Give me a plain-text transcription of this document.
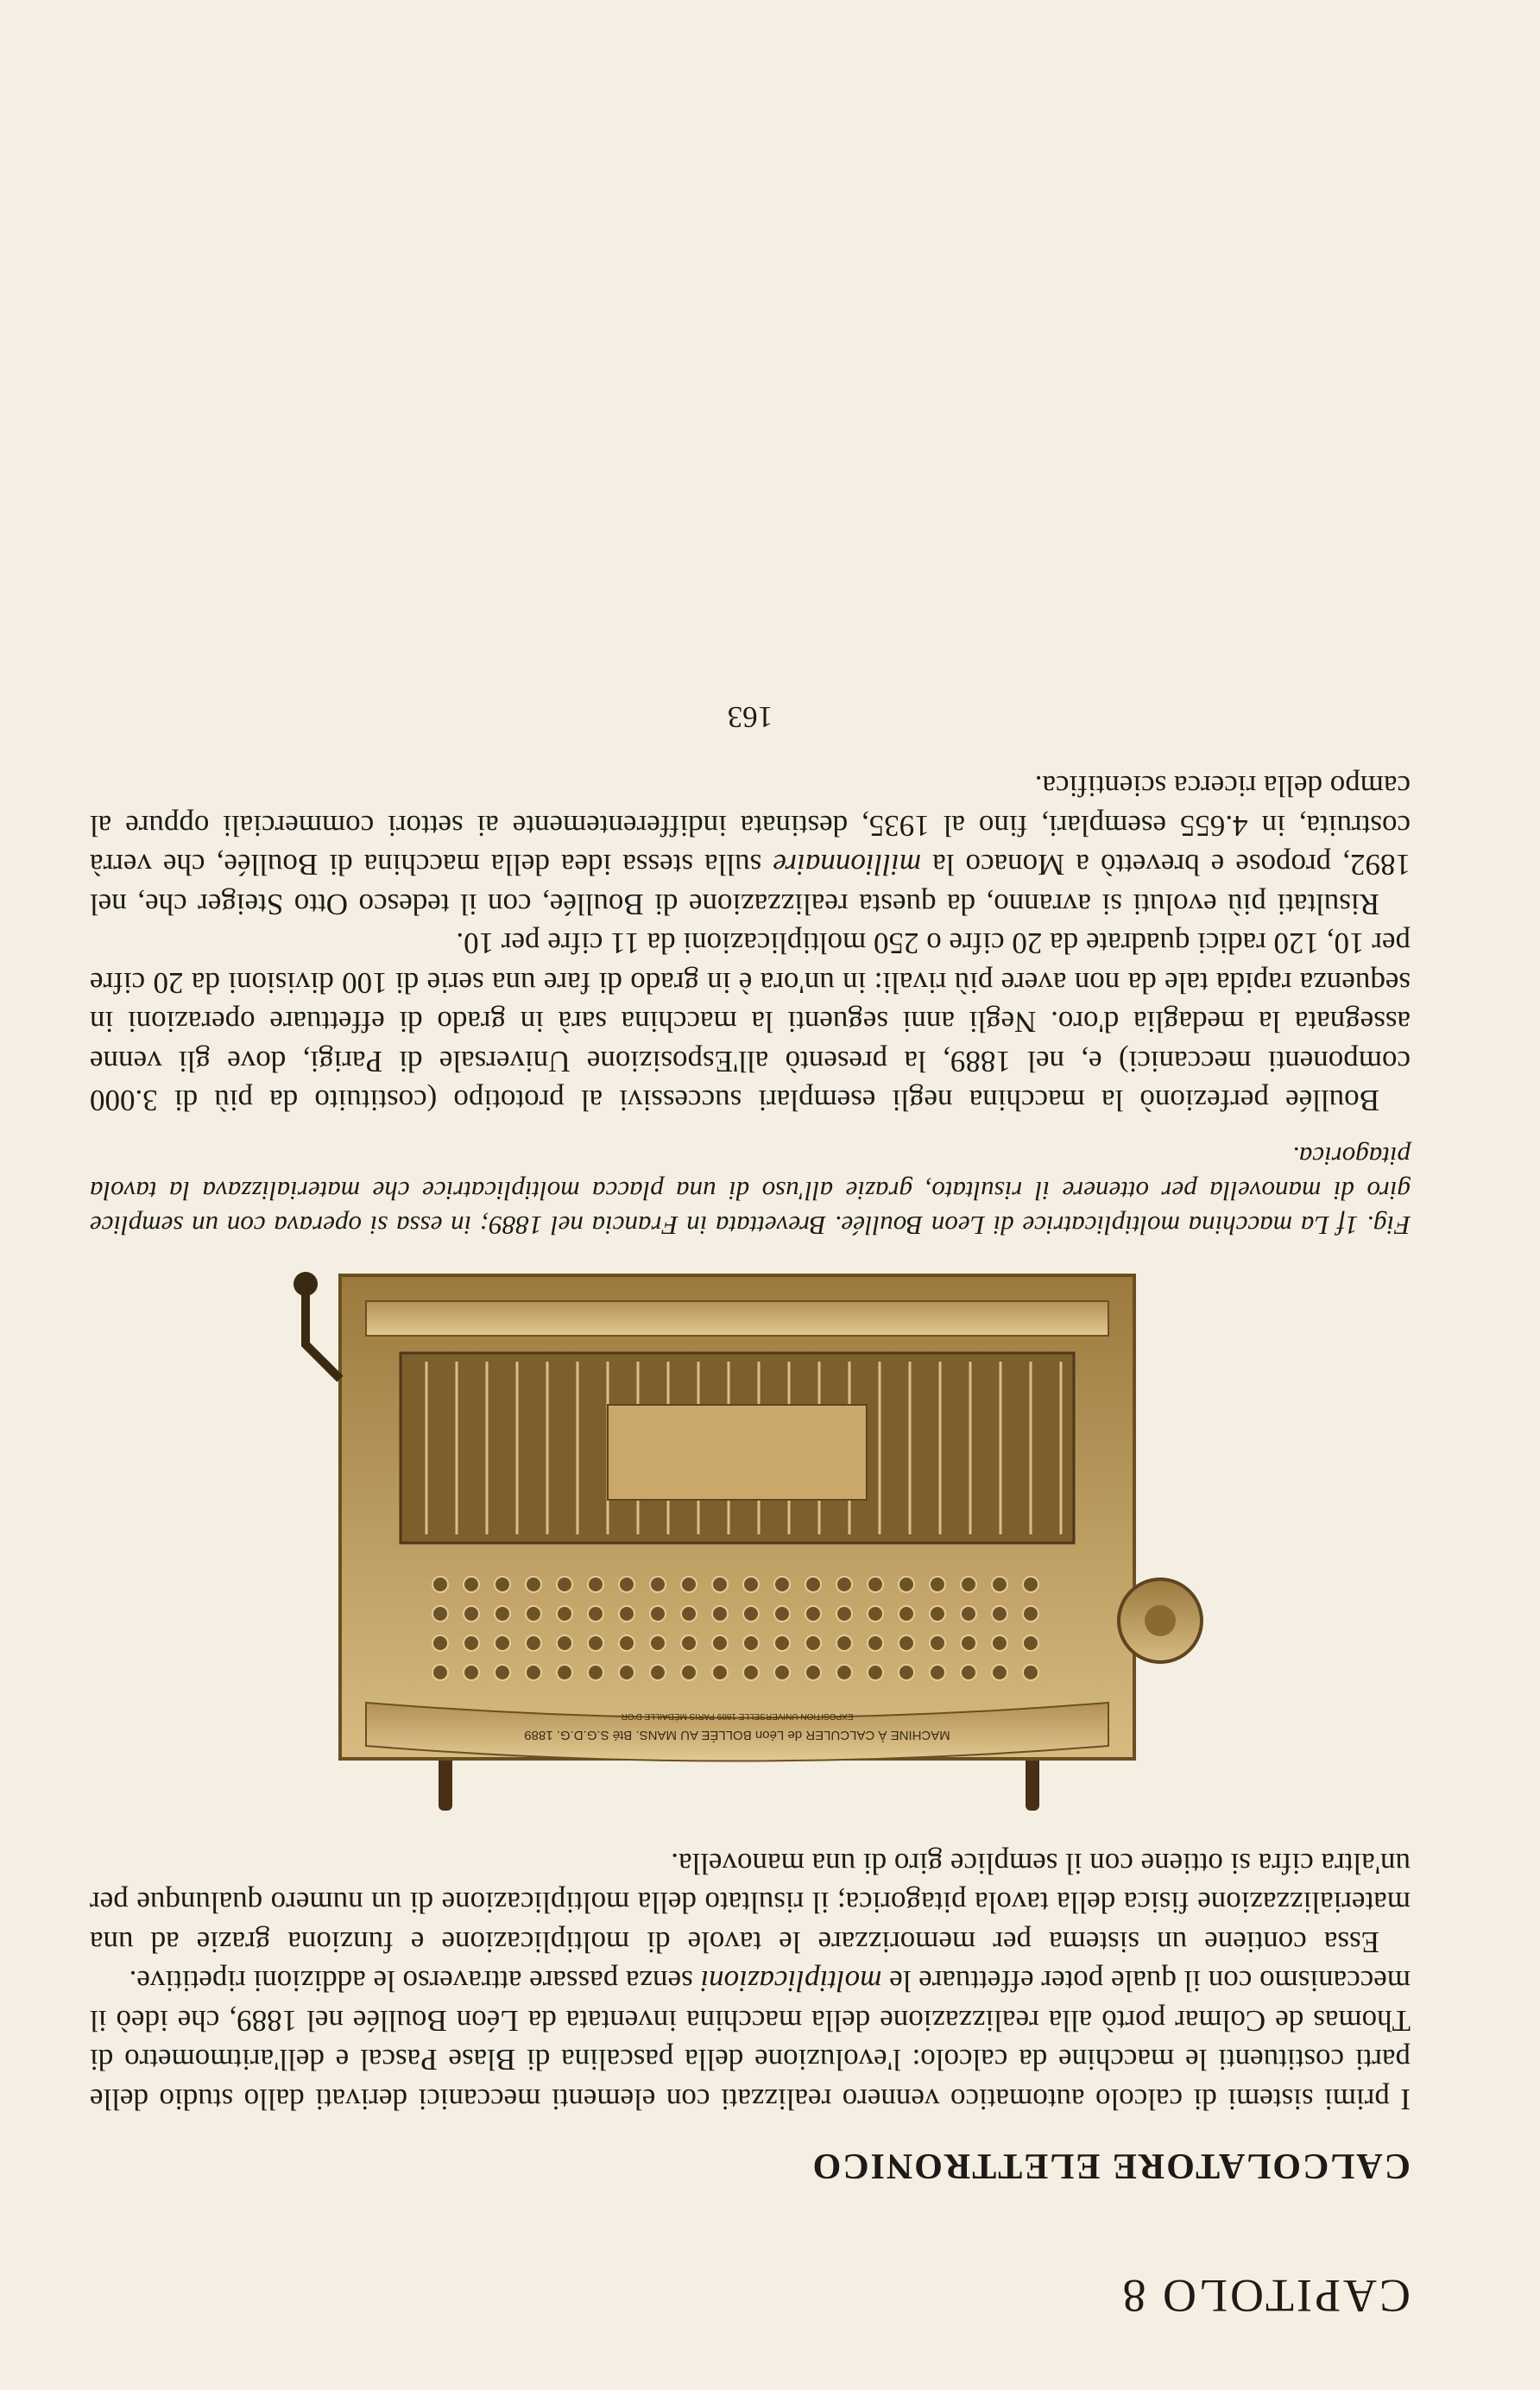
CAPITOLO 8
CALCOLATORE ELETTRONICO

I primi sistemi di calcolo automatico vennero realizzati con elementi meccanici derivati dallo studio delle parti costituenti le macchine da calcolo: l'evoluzione della pascalina di Blase Pascal e dell'aritmometro di Thomas de Colmar portò alla realizzazione della macchina inventata da Léon Boullée nel 1889, che ideò il meccanismo con il quale poter effettuare le moltiplicazioni senza passare attraverso le addizioni ripetitive.

Essa contiene un sistema per memorizzare le tavole di moltiplicazione e funziona grazie ad una materializzazione fisica della tavola pitagorica; il risultato della moltiplicazione di un numero qualunque per un'altra cifra si ottiene con il semplice giro di una manovella.

MACHINE À CALCULER de Léon BOLLÉE AU MANS. Bté S.G.D.G. 1889
EXPOSITION UNIVERSELLE 1889 PARIS MÉDAILLE D'OR
Fig. 1f La macchina moltiplicatrice di Leon Boullée. Brevettata in Francia nel 1889; in essa si operava con un semplice giro di manovella per ottenere il risultato, grazie all'uso di una placca moltiplicatrice che materializzava la tavola pitagorica.

Boullée perfezionò la macchina negli esemplari successivi al prototipo (costituito da più di 3.000 componenti meccanici) e, nel 1889, la presentò all'Esposizione Universale di Parigi, dove gli venne assegnata la medaglia d'oro. Negli anni seguenti la macchina sarà in grado di effettuare operazioni in sequenza rapida tale da non avere più rivali: in un'ora è in grado di fare una serie di 100 divisioni da 20 cifre per 10, 120 radici quadrate da 20 cifre o 250 moltiplicazioni da 11 cifre per 10.

Risultati più evoluti si avranno, da questa realizzazione di Boullée, con il tedesco Otto Steiger che, nel 1892, propose e brevettò a Monaco la millionnaire sulla stessa idea della macchina di Boullée, che verrà costruita, in 4.655 esemplari, fino al 1935, destinata indifferentemente ai settori commerciali oppure al campo della ricerca scientifica.

163
